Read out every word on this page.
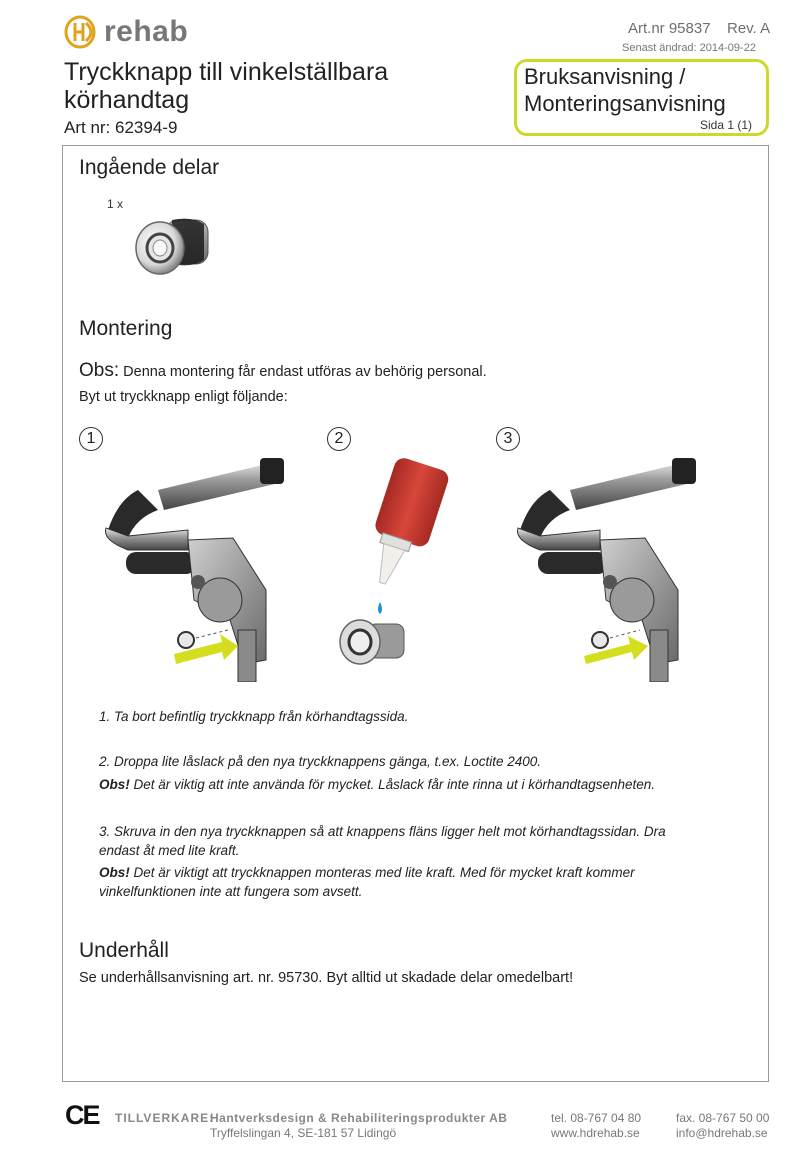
rehab	Art.nr 95837 Rev. A
Senast ändrad: 2014-09-22
Tryckknapp till vinkelställbara körhandtag
Art nr: 62394-9
Bruksanvisning /
Monteringsanvisning
Sida 1 (1)
Ingående delar
1 x
Montering
Obs: Denna montering får endast utföras av behörig personal.
Byt ut tryckknapp enligt följande:
1	2	3
1. Ta bort befintlig tryckknapp från körhandtagssida.
2. Droppa lite låslack på den nya tryckknappens gänga, t.ex. Loctite 2400.
Obs! Det är viktig att inte använda för mycket. Låslack får inte rinna ut i körhandtagsenheten.
3. Skruva in den nya tryckknappen så att knappens fläns ligger helt mot körhandtagssidan. Dra endast åt med lite kraft.
Obs! Det är viktigt att tryckknappen monteras med lite kraft. Med för mycket kraft kommer vinkelfunktionen inte att fungera som avsett.
Underhåll
Se underhållsanvisning art. nr. 95730. Byt alltid ut skadade delar omedelbart!
CE TILLVERKARE:
Hantverksdesign & Rehabiliteringsprodukter AB
Tryffelslingan 4, SE-181 57 Lidingö
tel. 08-767 04 80
www.hdrehab.se
fax. 08-767 50 00
info@hdrehab.se
